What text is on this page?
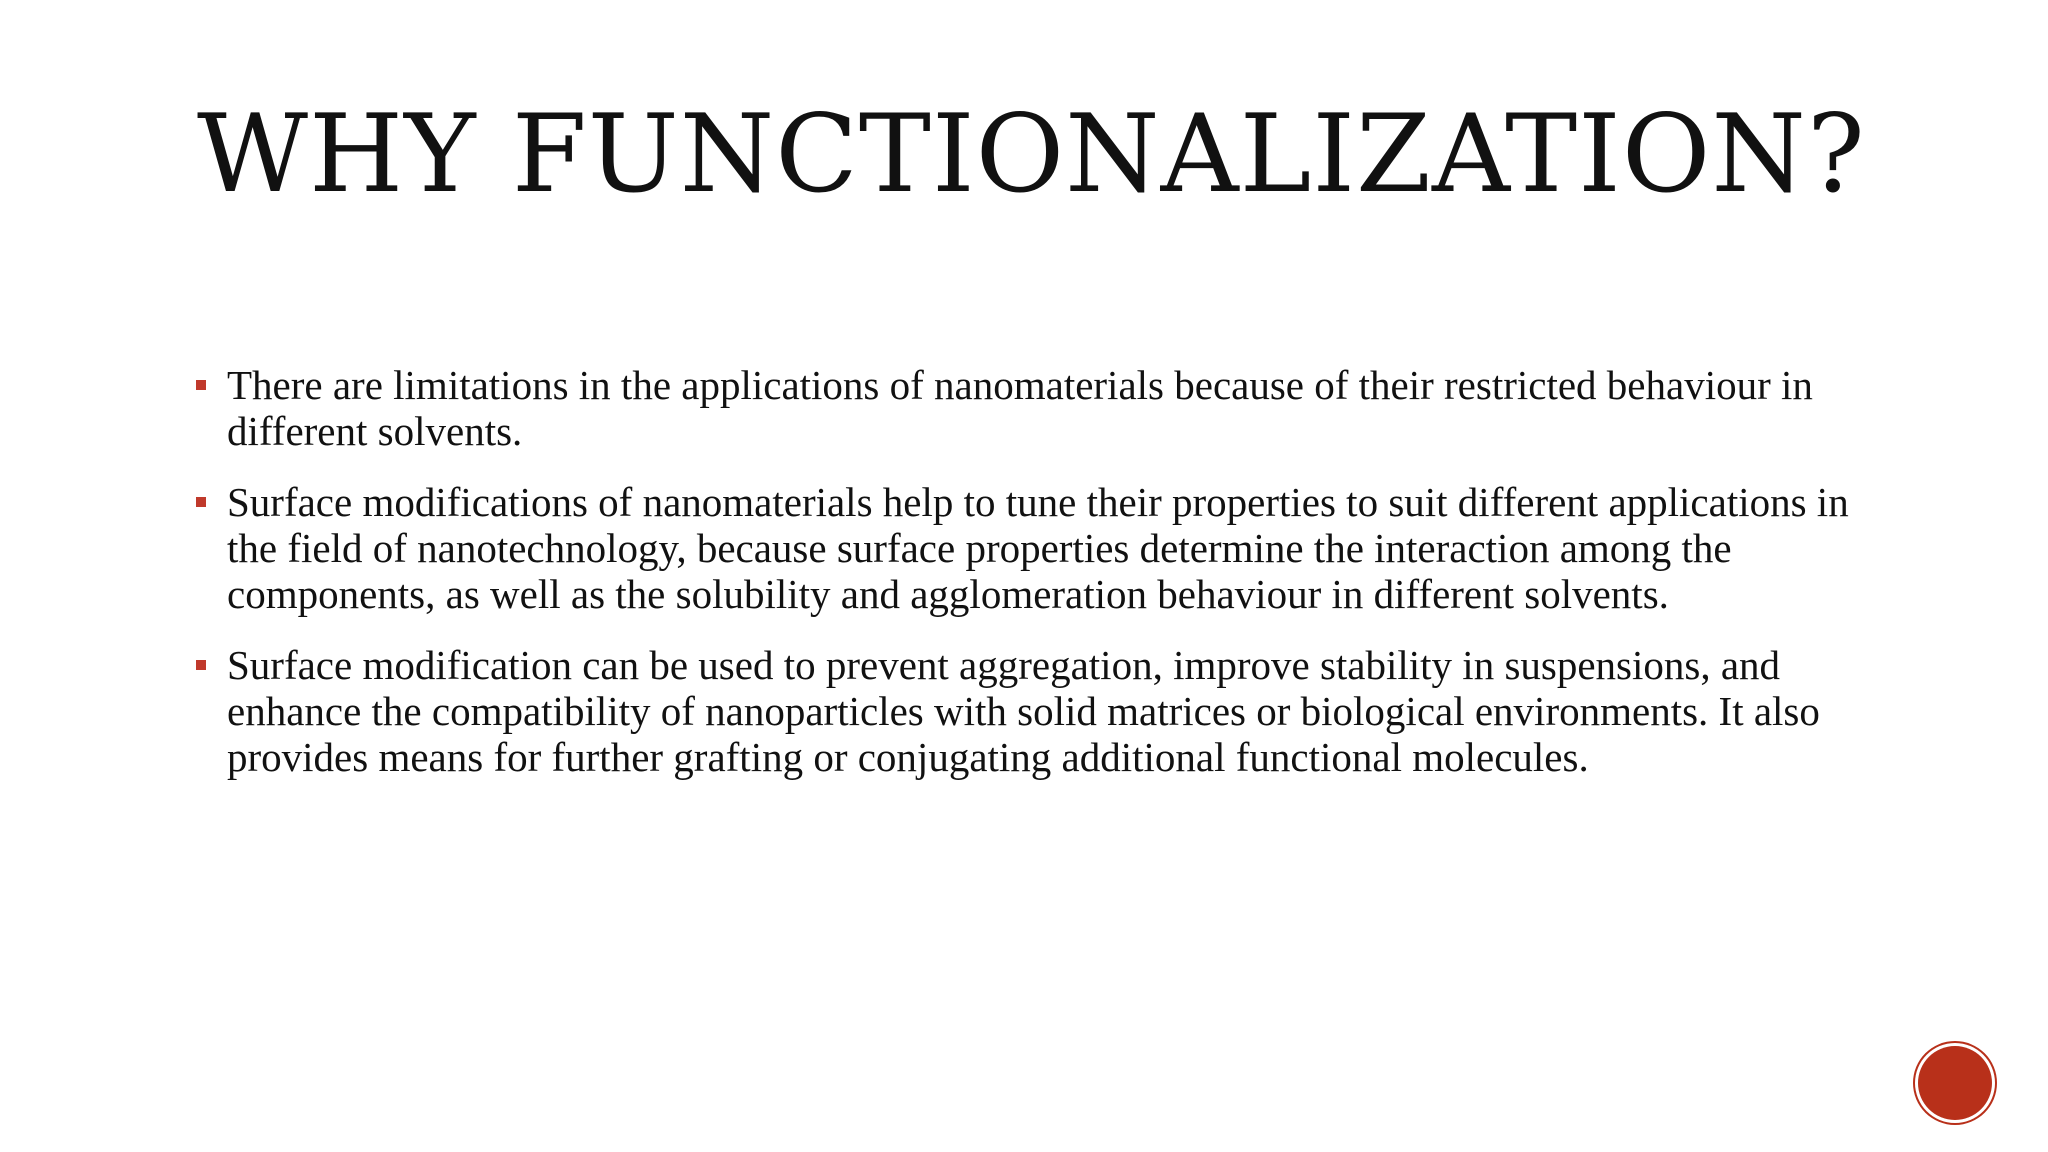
WHY FUNCTIONALIZATION?
There are limitations in the applications of nanomaterials because of their restricted behaviour in different solvents.
Surface modifications of nanomaterials help to tune their properties to suit different applications in the field of nanotechnology, because surface properties determine the interaction among the components, as well as the solubility and agglomeration behaviour in different solvents.
Surface modification can be used to prevent aggregation, improve stability in suspensions, and enhance the compatibility of nanoparticles with solid matrices or biological environments. It also provides means for further grafting or conjugating additional functional molecules.
